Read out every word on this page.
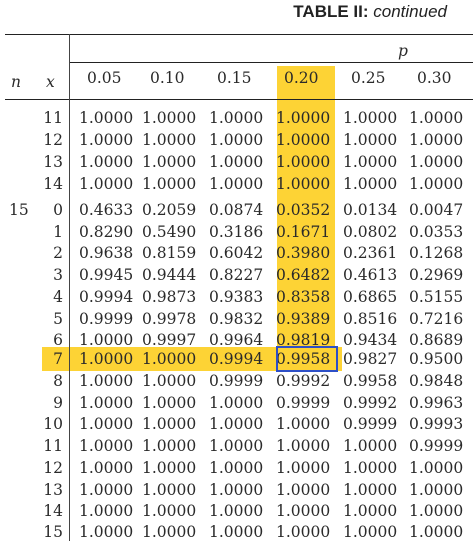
TABLE II: continued
n x
p
0.05 0.10 0.15 0.20 0.25 0.30
15
11 1.0000 1.0000 1.0000 1.0000 1.0000 1.0000
12 1.0000 1.0000 1.0000 1.0000 1.0000 1.0000
13 1.0000 1.0000 1.0000 1.0000 1.0000 1.0000
14 1.0000 1.0000 1.0000 1.0000 1.0000 1.0000
0 0.4633 0.2059 0.0874 0.0352 0.0134 0.0047
1 0.8290 0.5490 0.3186 0.1671 0.0802 0.0353
2 0.9638 0.8159 0.6042 0.3980 0.2361 0.1268
3 0.9945 0.9444 0.8227 0.6482 0.4613 0.2969
4 0.9994 0.9873 0.9383 0.8358 0.6865 0.5155
5 0.9999 0.9978 0.9832 0.9389 0.8516 0.7216
6 1.0000 0.9997 0.9964 0.9819 0.9434 0.8689
7 1.0000 1.0000 0.9994 0.9958 0.9827 0.9500
8 1.0000 1.0000 0.9999 0.9992 0.9958 0.9848
9 1.0000 1.0000 1.0000 0.9999 0.9992 0.9963
10 1.0000 1.0000 1.0000 1.0000 0.9999 0.9993
11 1.0000 1.0000 1.0000 1.0000 1.0000 0.9999
12 1.0000 1.0000 1.0000 1.0000 1.0000 1.0000
13 1.0000 1.0000 1.0000 1.0000 1.0000 1.0000
14 1.0000 1.0000 1.0000 1.0000 1.0000 1.0000
15 1.0000 1.0000 1.0000 1.0000 1.0000 1.0000
